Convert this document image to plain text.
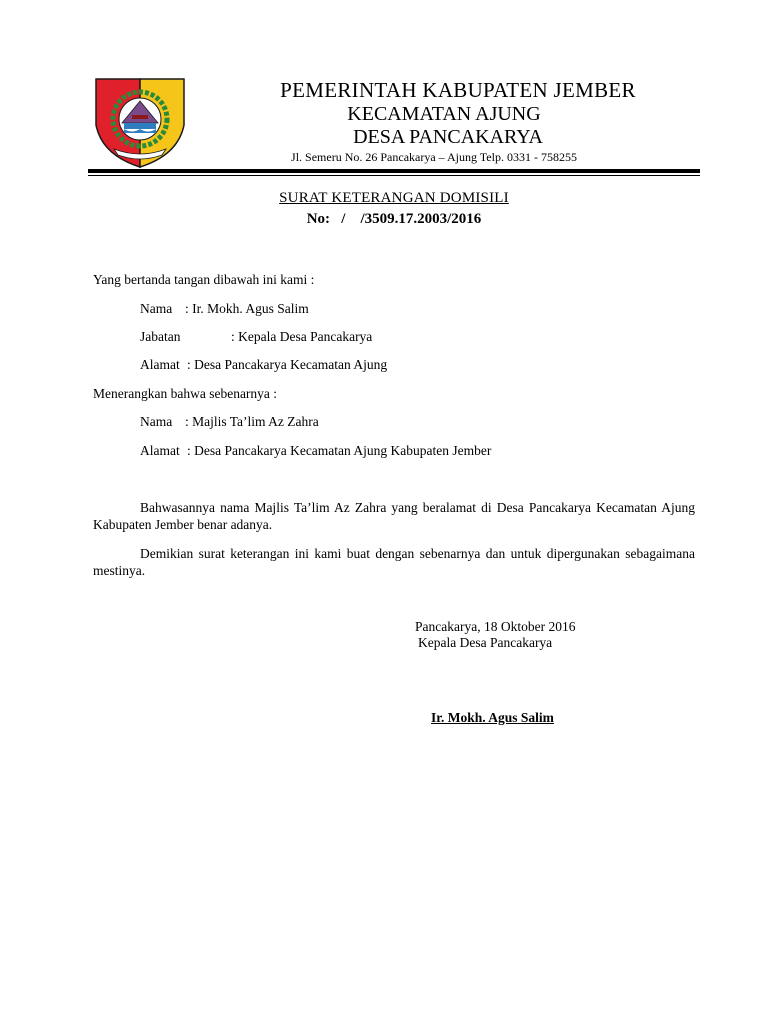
PEMERINTAH KABUPATEN JEMBER
KECAMATAN AJUNG
DESA PANCAKARYA
Jl. Semeru No. 26 Pancakarya – Ajung Telp. 0331 - 758255
SURAT KETERANGAN DOMISILI
No:   /    /3509.17.2003/2016
Yang bertanda tangan dibawah ini kami :
Nama : Ir. Mokh. Agus Salim
Jabatan	: Kepala Desa Pancakarya
Alamat : Desa Pancakarya Kecamatan Ajung
Menerangkan bahwa sebenarnya :
Nama : Majlis Ta’lim Az Zahra
Alamat : Desa Pancakarya Kecamatan Ajung Kabupaten Jember
Bahwasannya nama Majlis Ta’lim Az Zahra yang beralamat di Desa Pancakarya Kecamatan Ajung Kabupaten Jember benar adanya.
Demikian surat keterangan ini kami buat dengan sebenarnya dan untuk dipergunakan sebagaimana mestinya.
Pancakarya, 18 Oktober 2016
Kepala Desa Pancakarya
Ir. Mokh. Agus Salim
